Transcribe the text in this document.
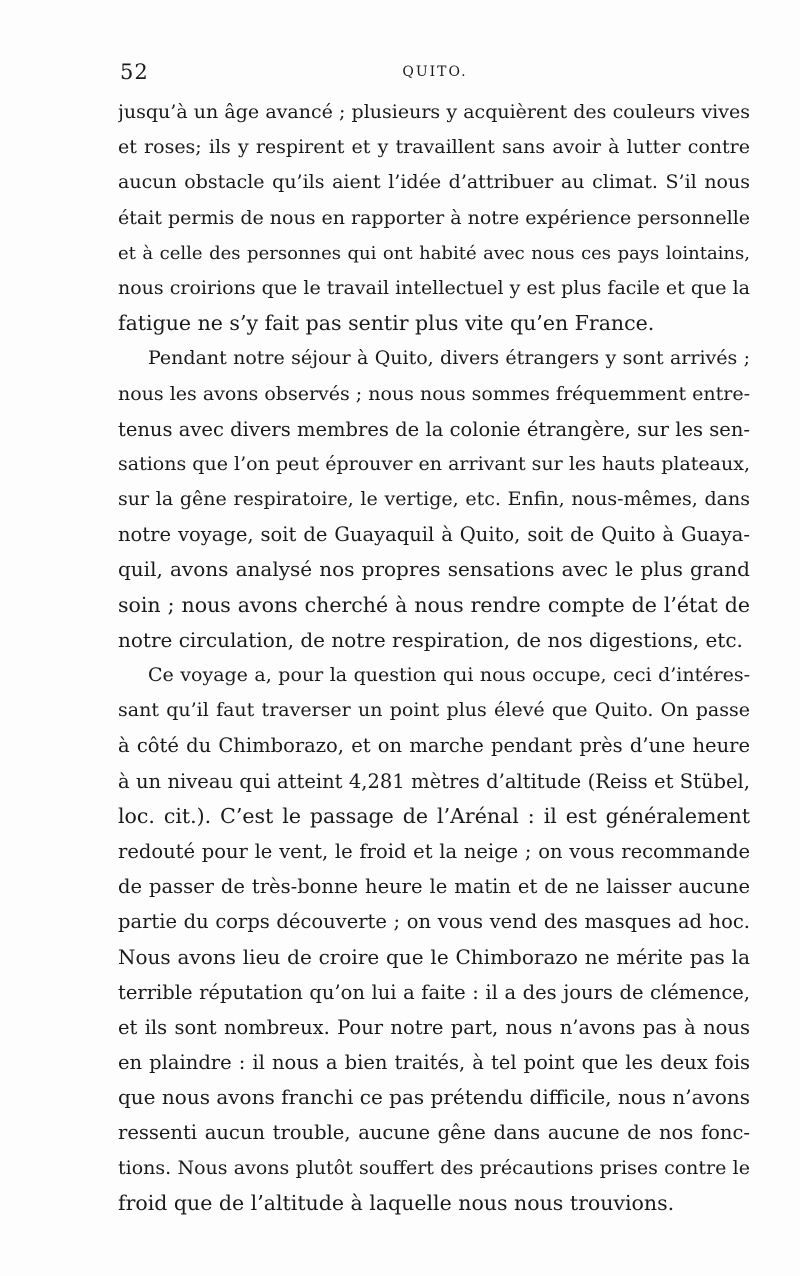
52	QUITO.
jusqu’à un âge avancé ; plusieurs y acquièrent des couleurs vives
et roses; ils y respirent et y travaillent sans avoir à lutter contre
aucun obstacle qu’ils aient l’idée d’attribuer au climat. S’il nous
était permis de nous en rapporter à notre expérience personnelle
et à celle des personnes qui ont habité avec nous ces pays lointains,
nous croirions que le travail intellectuel y est plus facile et que la
fatigue ne s’y fait pas sentir plus vite qu’en France.
Pendant notre séjour à Quito, divers étrangers y sont arrivés ;
nous les avons observés ; nous nous sommes fréquemment entre-
tenus avec divers membres de la colonie étrangère, sur les sen-
sations que l’on peut éprouver en arrivant sur les hauts plateaux,
sur la gêne respiratoire, le vertige, etc. Enfin, nous-mêmes, dans
notre voyage, soit de Guayaquil à Quito, soit de Quito à Guaya-
quil, avons analysé nos propres sensations avec le plus grand
soin ; nous avons cherché à nous rendre compte de l’état de
notre circulation, de notre respiration, de nos digestions, etc.
Ce voyage a, pour la question qui nous occupe, ceci d’intéres-
sant qu’il faut traverser un point plus élevé que Quito. On passe
à côté du Chimborazo, et on marche pendant près d’une heure
à un niveau qui atteint 4,281 mètres d’altitude (Reiss et Stübel,
loc. cit.). C’est le passage de l’Arénal : il est généralement
redouté pour le vent, le froid et la neige ; on vous recommande
de passer de très-bonne heure le matin et de ne laisser aucune
partie du corps découverte ; on vous vend des masques ad hoc.
Nous avons lieu de croire que le Chimborazo ne mérite pas la
terrible réputation qu’on lui a faite : il a des jours de clémence,
et ils sont nombreux. Pour notre part, nous n’avons pas à nous
en plaindre : il nous a bien traités, à tel point que les deux fois
que nous avons franchi ce pas prétendu difficile, nous n’avons
ressenti aucun trouble, aucune gêne dans aucune de nos fonc-
tions. Nous avons plutôt souffert des précautions prises contre le
froid que de l’altitude à laquelle nous nous trouvions.
